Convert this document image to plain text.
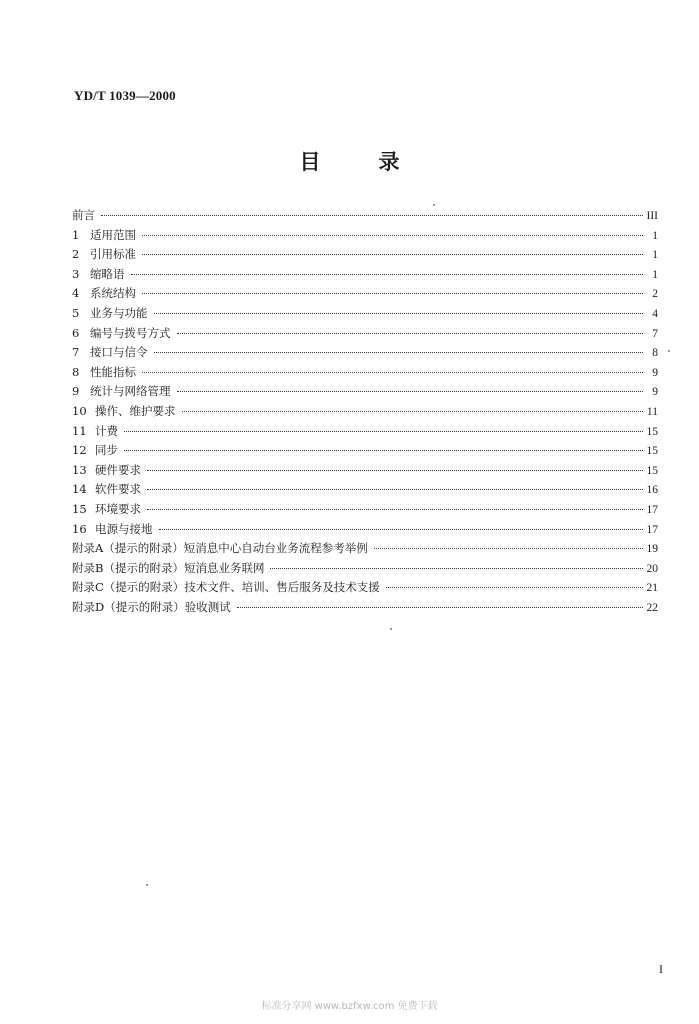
YD/T 1039—2000
目录
前言	III
1 适用范围	1
2 引用标准	1
3 缩略语	1
4 系统结构	2
5 业务与功能	4
6 编号与拨号方式	7
7 接口与信令	8
8 性能指标	9
9 统计与网络管理	9
10 操作、维护要求	11
11 计费	15
12 同步	15
13 硬件要求	15
14 软件要求	16
15 环境要求	17
16 电源与接地	17
附录A（提示的附录）短消息中心自动台业务流程参考举例	19
附录B（提示的附录）短消息业务联网	20
附录C（提示的附录）技术文件、培训、售后服务及技术支援	21
附录D（提示的附录）验收测试	22
I
标准分享网 www.bzfxw.com 免费下载
